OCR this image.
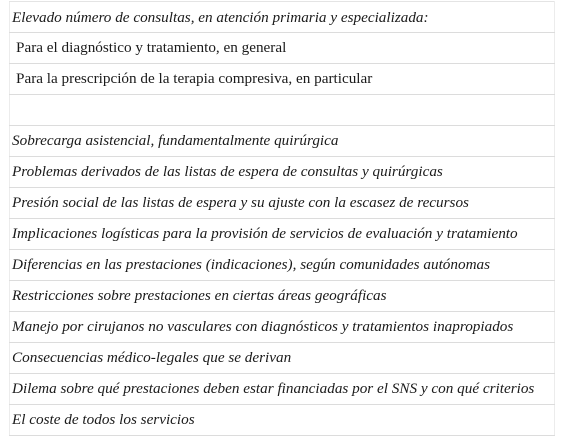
Elevado número de consultas, en atención primaria y especializada:
Para el diagnóstico y tratamiento, en general
Para la prescripción de la terapia compresiva, en particular

Sobrecarga asistencial, fundamentalmente quirúrgica
Problemas derivados de las listas de espera de consultas y quirúrgicas
Presión social de las listas de espera y su ajuste con la escasez de recursos
Implicaciones logísticas para la provisión de servicios de evaluación y tratamiento
Diferencias en las prestaciones (indicaciones), según comunidades autónomas
Restricciones sobre prestaciones en ciertas áreas geográficas
Manejo por cirujanos no vasculares con diagnósticos y tratamientos inapropiados
Consecuencias médico-legales que se derivan
Dilema sobre qué prestaciones deben estar financiadas por el SNS y con qué criterios
El coste de todos los servicios
